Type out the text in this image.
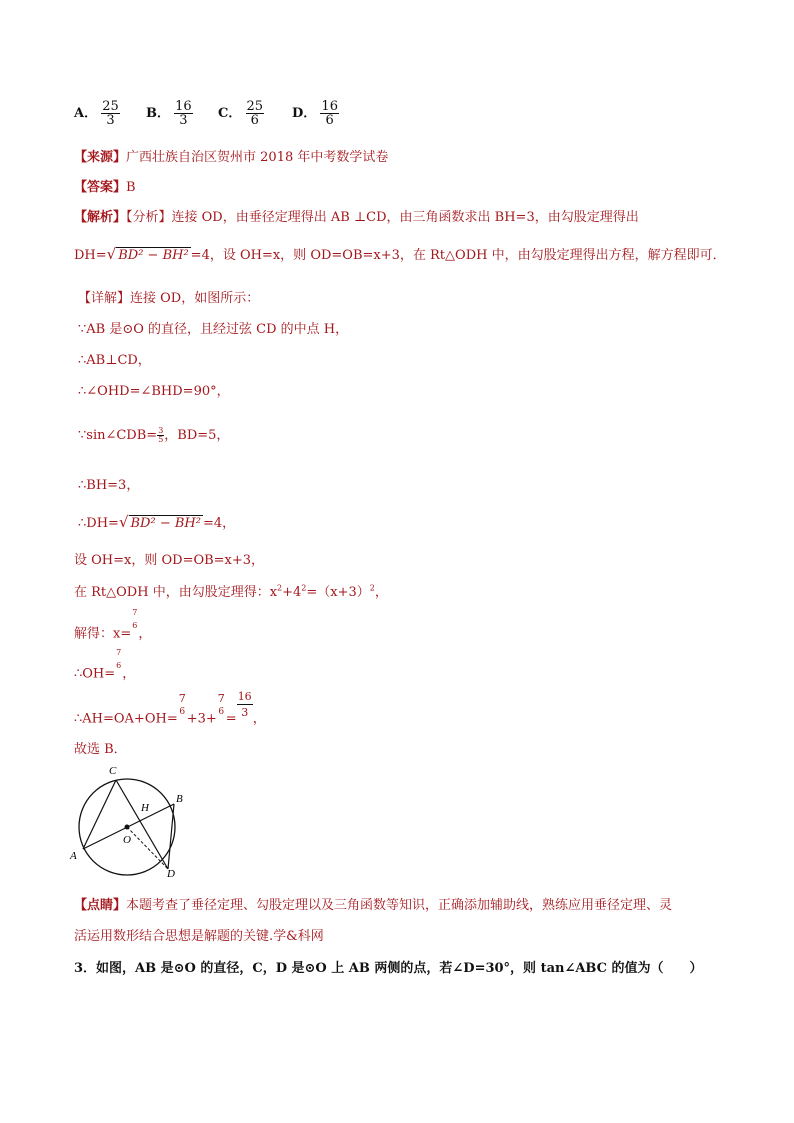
A． $\frac{25}{3}$ B． $\frac{16}{3}$ C． $\frac{25}{6}$ D． $\frac{16}{6}$
【来源】广西壮族自治区贺州市 2018 年中考数学试卷
【答案】B
【解析】【分析】连接 OD，由垂径定理得出 AB ⊥CD，由三角函数求出 BH=3，由勾股定理得出
DH=√ BD² − BH² =4，设 OH=x，则 OD=OB=x+3，在 Rt△ODH 中，由勾股定理得出方程，解方程即可．
【详解】连接 OD，如图所示：
∵AB 是⊙O 的直径，且经过弦 CD 的中点 H，
∴AB⊥CD，
∴∠OHD=∠BHD=90°，
∵sin∠CDB= $\frac{3}{5}$ ，BD=5，
∴BH=3，
∴DH=√ BD² − BH² =4，
设 OH=x，则 OD=OB=x+3，
在 Rt△ODH 中，由勾股定理得：$x^2+4^2=(x+3)^2$，
解得：x=
7
6
，
∴OH=
7
6
，
∴AH=OA+OH=
7
6 +3+
7
$6 = \frac{16}{3}$ ，
故选 B．
C
H
B
O
A
D
【点睛】本题考查了垂径定理、勾股定理以及三角函数等知识，正确添加辅助线，熟练应用垂径定理、灵
活运用数形结合思想是解题的关键.学&科网
3．如图，AB 是⊙O 的直径，C，D 是⊙O 上 AB 两侧的点，若∠D=30°，则 tan∠ABC 的值为（　　）
